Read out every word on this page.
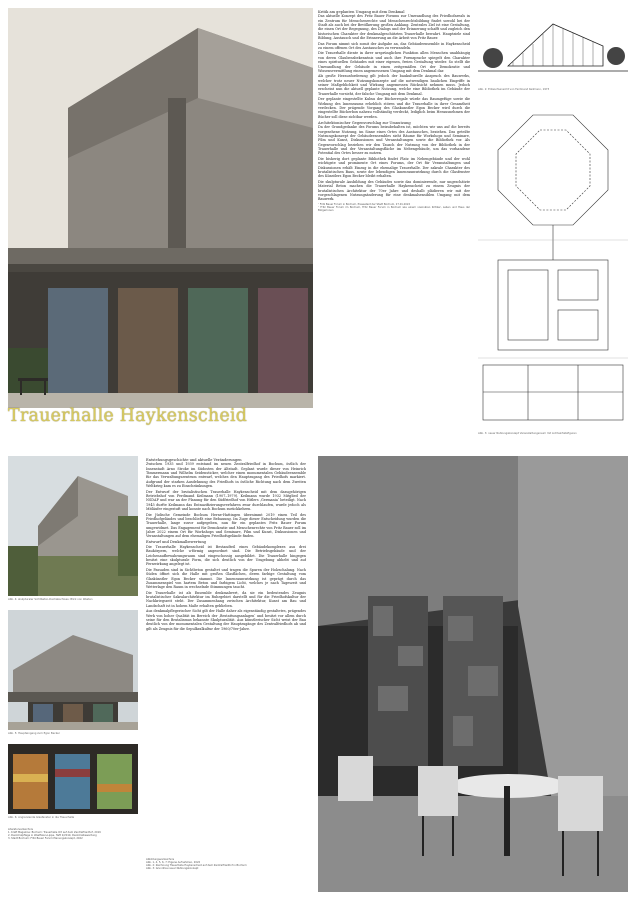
Trauerhalle Haykenscheid
Die Umnutzung einer Trauerhalle zu einem Forum für Demokratie und Menschenrechte
Ein architektonischer Gegenvorschlag zum neu geplanten Umgang mit dem Denkmal
Kritik am geplanten Umgang mit dem Denkmal

Das aktuelle Konzept des Fritz Bauer Forums zur Umwandlung des Friedhofareals in ein Zentrum für Menschenrechte und Menschenrechtsbildung findet sowohl bei der Stadt als auch bei der Bevölkerung großen Anklang. Zentrales Ziel ist eine Gestaltung, die einen Ort der Begegnung, des Dialogs und der Erinnerung schafft und zugleich den historischen Charakter der denkmalgeschützten Trauerhalle bewahrt. Hauptziele sind Bildung, Austausch und die Erinnerung an die Arbeit von Fritz Bauer.

Das Forum nimmt sich somit der Aufgabe an, das Gebäudeensemble in Haykenscheid zu einem offenen Ort des Austausches zu verwandeln.

Die Trauerhalle diente in ihrer ursprünglichen Funktion allen Menschen unabhängig von deren Glaubensbekenntnis und auch ihre Formsprache spiegelt den Charakter eines spirituellen Gebäudes mit einer eigenen, freien Gestaltung wieder. So stellt die Umwandlung der Gebäude in einen zeitgemäßen Ort der Demokratie und Wissensvermittlung einen angemessenen Umgang mit dem Denkmal dar.

Als große Herausforderung gilt jedoch der baukulturelle Anspruch des Bauwerks, welcher trotz neuer Nutzungskonzepte auf die notwendigen baulichen Eingriffe in seiner Maßgeblichkeit und Wirkung angemessen Rücksicht nehmen muss. Jedoch erscheint nun die aktuell geplante Nutzung, welche eine Bibliothek im Gebäude der Trauerhalle vorsieht, der falsche Umgang mit dem Denkmal.

Der geplante eingestellte Kubus der Bücherregale würde das Raumgefüge sowie die Wirkung des Innenraums erheblich stören und die Trauerhalle in ihrer Gesamtheit verdecken. Der prägende Vorgang des Glaskunstler Egon Becker wird durch die eingestellte Bücherbox nahezu vollständig verdeckt, lediglich beim Herausnehmen der Bücher soll diese sichtbar werden.

Architektonischer Gegenvorschlag zur Umnutzung

Da der Grundgedanke des Forums beizubehalten ist, möchten wir uns auf die bereits vorgesehene Nutzung, im Sinne eines Ortes des Austausches, beziehen. Das geteilte Nutzungskonzept der Gebäudeensembles sieht Räume für Workshops und Seminare, Film und Kunst, Diskussionen und Veranstaltungen sowie die Bibliothek vor. Als Gegenvorschlag beziehen wir den Tausch der Nutzung von der Bibliothek in der Trauerhalle und der Veranstaltungsfläche im Nebengebäude, um das vorhandene Potential des Ortes besser zu nutzen.

Die bisherig dort geplante Bibliothek findet Platz im Nebengebäude und der wohl wichtigste und prominente Ort eines Forums, der Ort für Veranstaltungen und Diskussionen erhält Einzug in die ehemalige Trauerhalle. Der sakrale Charakter des brutalistischen Baus, sowie der lebendigen Innenraumwirkung durch die Glasfenster des Künstlers Egon Becker bleibt erhalten.

Die skulpturale Ausbildung des Gebäudes sowie das dominierende, nur ungeschätzte Material Beton machen die Trauerhalle Haykenscheid zu einem Zeugnis der brutalistischen Architektur der 70er Jahre und deshalb plädieren wir mit der vorgeschlagenen Nutzungsänderung für eine denkmalsensiblen Umgang mit dem Bauwerk.

¹ Fritz Bauer Forum in Bochum, Pressetext der Stadt Bochum, 27.01.2022
² Fritz Bauer Forum im Bochum, Fritz Bauer Forum in Bochum wie einem visionären Kritiker, Leben und Haus der Bürgerinnen
Abb. 2: Entwurfsansicht von Ferdinand Keilmann, 1973
Abb. 3: neuer Nutzungskonzept Veranstaltungsraum mit Lichteinfallsfiguren
Abb. 4: skulpturaler Sichtbeton-Dachabschluss: Blick von Westen
Abb. 5: Haupteingang zum Egon Becker
Abb. 6: Angrenzende Glasfenster in die Trauerhalle
Literaturverzeichnis
1. Kraft Magazine: Bochum: Trauerhalle Ort auf dem Zentralfriedhof, 2019
2. Denkmalpflege in Westfalen-Lippe, Heft 2/2019, Denkmalbewertung
3. Stadt Bochum: Fritz Bauer Forum Planungskonzept, 2022
Entstehungsgeschichte und aktuelle Veränderungen

Zwischen 1935 und 1939 entstand im neuen Zentralfriedhof in Bochum, östlich der Innenstadt Arno Stroke im Südosten der Altstadt. Geplant wurde dieser von Heinrich Timmermann und Wilhelm Seidensticker, welcher einen monumentalen Gebäudeensemble für das Verwaltungszentrum entwarf, welches den Hauptzugang des Friedhofs markiert. Aufgrund der starken Ausdehnung des Friedhofs in östliche Richtung nach dem Zweiten Weltkrieg kam es zu Einschränkungen.

Der Entwurf der brutalistischen Trauerhalle Haykenscheid mit dem dazugehörigen Betriebshof von Ferdinand Keilmann (1907–1979). Keilmann wurde 1932 Mitglied der NSDAP und war an der Planung für den Südfriedhof von Hitlers ‚Germania‘ beteiligt. Nach 1945 durfte Keilmann das Entnazifizierungsverfahren zwar durchlaufen, wurde jedoch als Mitläufer eingestuft und konnte nach Bochum zurückkehren.

Die Jüdische Gemeinde Bochum Herne-Hattingen übernimmt 2019 einen Teil des Friedhofgeländes und beschließt eine Bebauung. Im Zuge dieser Entscheidung wurden die Trauerhalle, lange zuvor aufgegeben, nun für ein geplantes Fritz Bauer Forum umgewidmet. Das Engagement für Demokratie und Menschenrechte von Fritz Bauer soll im Jahre 2022 einem Ort für Workshops und Seminare, Film und Kunst, Diskussionen und Veranstaltungen auf dem ehemaligen Friedhofsgelände finden.

Entwurf und Denkmalbewertung

Die Trauerhalle Haykenscheid ist Bestandteil eines Gebäudekomplexes aus drei Baukörpern, welche u-förmig angeordnet sind. Die Betriebsgebäude und der Leichenaufbewahrungsraum sind eingeschossig ausgebildet. Die Trauerhalle hingegen besitzt eine skulpturale Form, die sich deutlich von der Umgebung abhebt und auf Fernwirkung angelegt ist.

Die Fassaden sind in Sichtbeton gestaltet und tragen die Spuren der Holzschalung. Nach Süden öffnet sich die Halle mit großen Glasflächen, deren farbige Gestaltung vom Glaskünstler Egon Becker stammt. Die Innenraumwirkung ist geprägt durch das Zusammenspiel von hartem Beton und farbigem Licht, welches je nach Tageszeit und Wetterlage den Raum in wechselnde Stimmungen taucht.

Die Trauerhalle ist als Ensemble denkmalwert, da sie ein bedeutendes Zeugnis brutalistischer Sakralarchitektur im Ruhrgebiet darstellt und für die Friedhofskultur der Nachkriegszeit steht. Der Zusammenhang zwischen Architektur, Kunst am Bau und Landschaft ist in hohem Maße erhalten geblieben.

Aus denkmalpflegerischer Sicht gilt der Halle daher als eigenständig gestaltetes, prägendes Werk von hoher Qualität im Bereich der ‚Bestattungsanlagen‘ und besitzt vor allem durch seine für den Brutalismus bekannte Skulpturalität. Aus künstlerischer Sicht weist der Bau deutlich von der monumentalen Gestaltung der Hauptzugänge des Zentralfriedhofs ab und gilt als Zeugnis für die Sepulkralkultur der 1960/70er-Jahre.

Abbildungsverzeichnis
Abb. 1, 4, 5, 6, 7: Eigene Aufnahmen, 2022
Abb. 2: Zeichnung Trauerhalle Haykenscheid auf dem Zentralfriedhof in Bochum
Abb. 3: Grundriss neuer Nutzungskonzept
